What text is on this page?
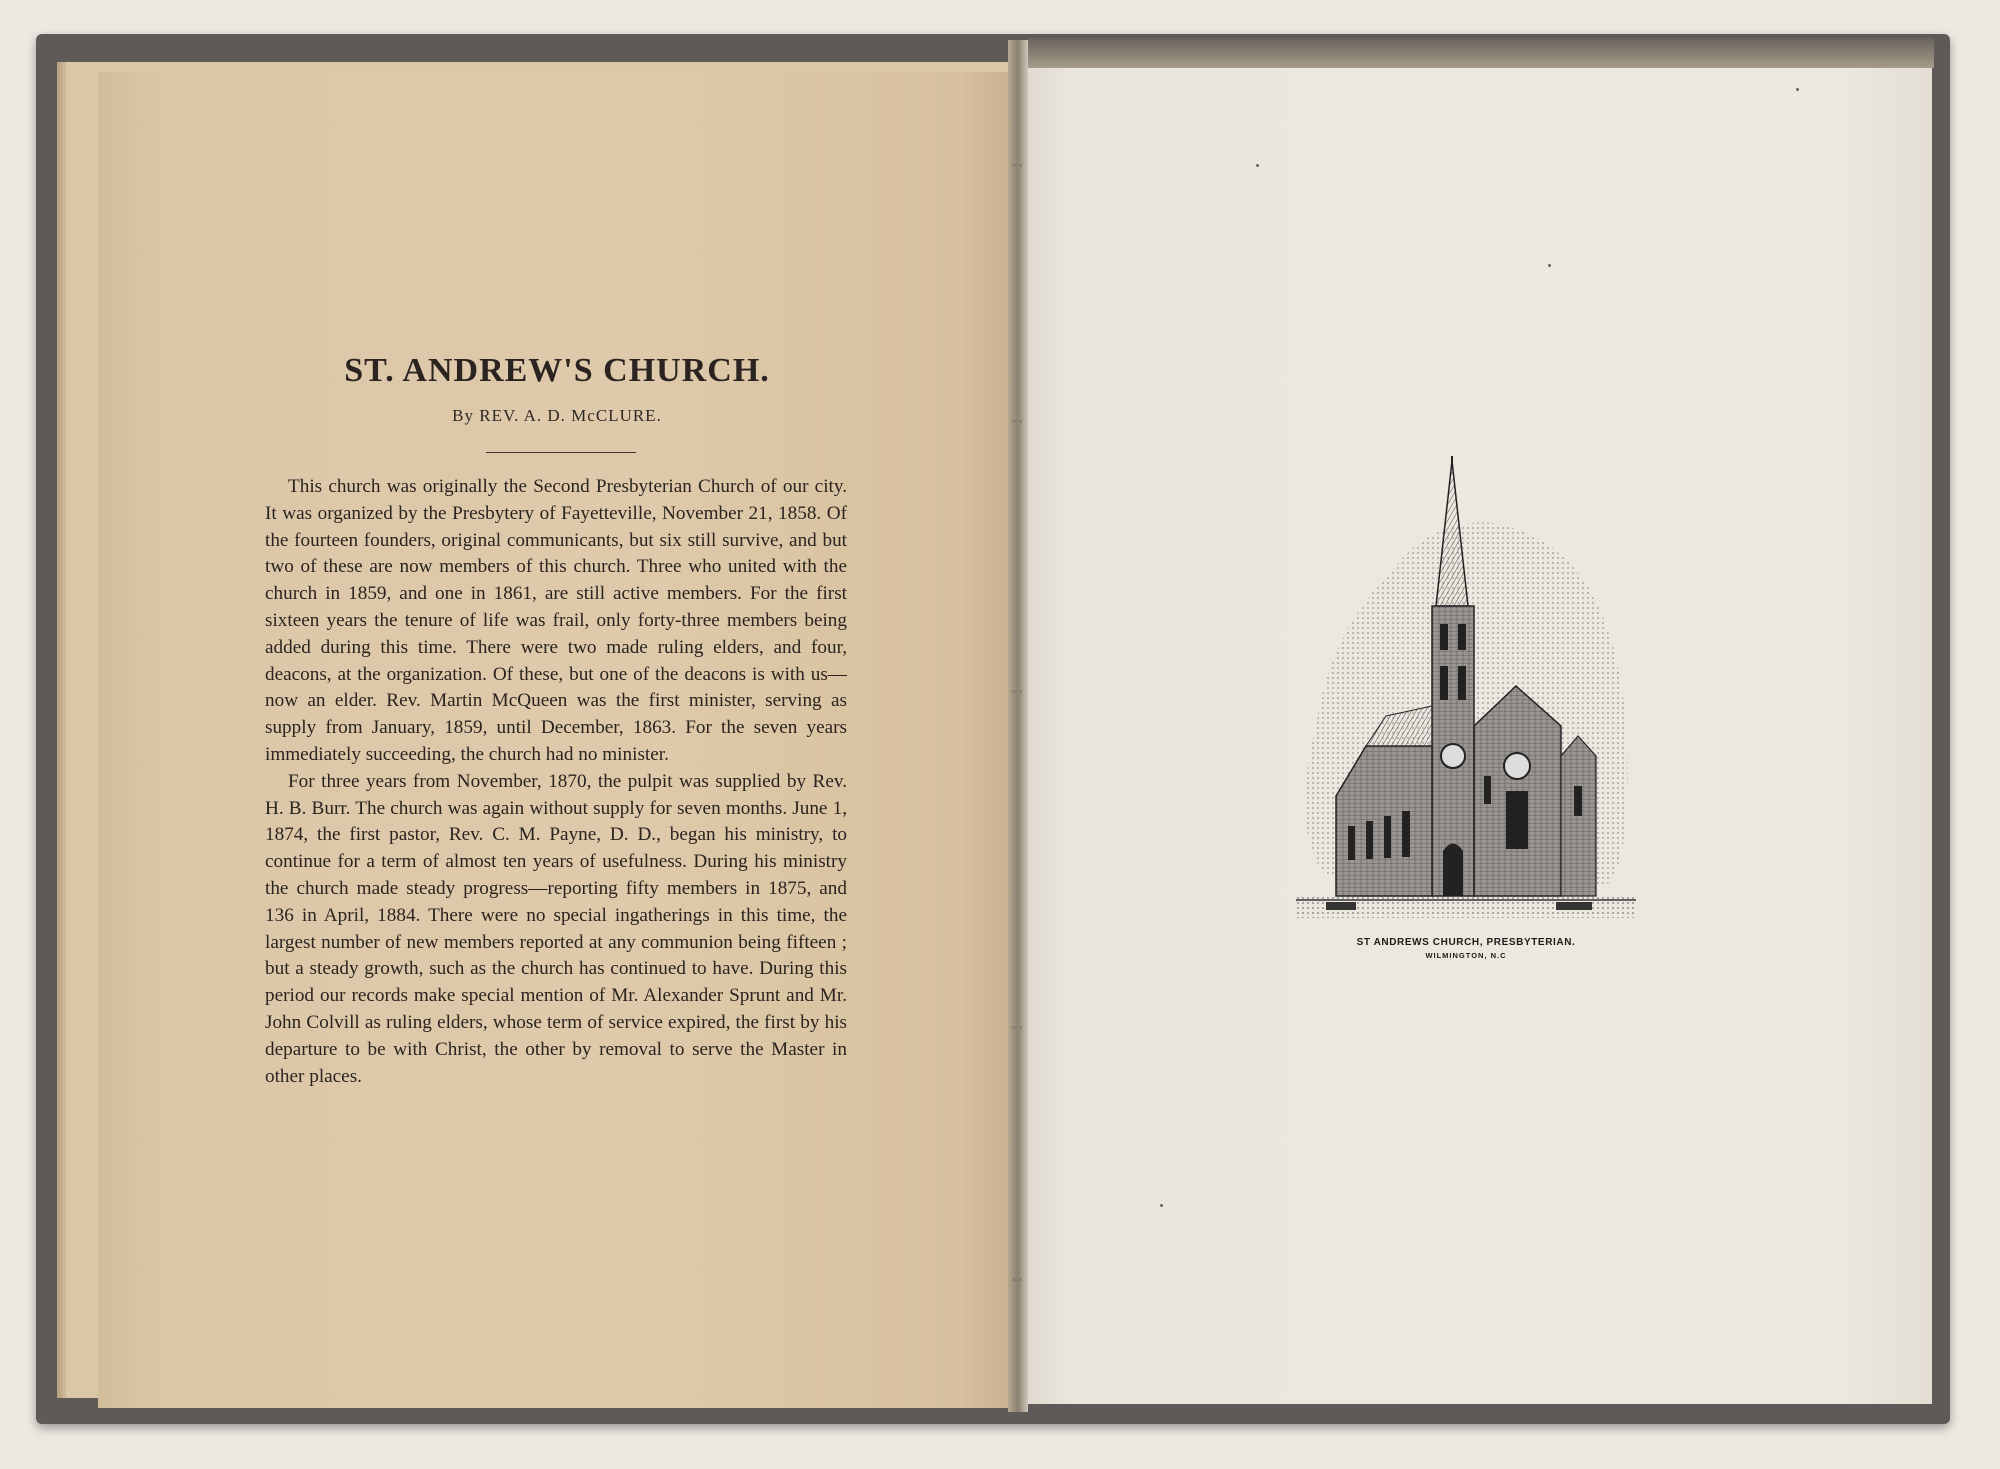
ST. ANDREW'S CHURCH.
By REV. A. D. McCLURE.

This church was originally the Second Presbyterian Church of our city. It was organized by the Presbytery of Fayetteville, November 21, 1858. Of the fourteen founders, original communicants, but six still survive, and but two of these are now members of this church. Three who united with the church in 1859, and one in 1861, are still active members. For the first sixteen years the tenure of life was frail, only forty-three members being added during this time. There were two made ruling elders, and four, deacons, at the organization. Of these, but one of the deacons is with us—now an elder. Rev. Martin McQueen was the first minister, serving as supply from January, 1859, until December, 1863. For the seven years immediately succeeding, the church had no minister.

For three years from November, 1870, the pulpit was supplied by Rev. H. B. Burr. The church was again without supply for seven months. June 1, 1874, the first pastor, Rev. C. M. Payne, D. D., began his ministry, to continue for a term of almost ten years of usefulness. During his ministry the church made steady progress—reporting fifty members in 1875, and 136 in April, 1884. There were no special ingatherings in this time, the largest number of new members reported at any communion being fifteen ; but a steady growth, such as the church has continued to have. During this period our records make special mention of Mr. Alexander Sprunt and Mr. John Colvill as ruling elders, whose term of service expired, the first by his departure to be with Christ, the other by removal to serve the Master in other places.

ST ANDREWS CHURCH, PRESBYTERIAN.
WILMINGTON, N.C
